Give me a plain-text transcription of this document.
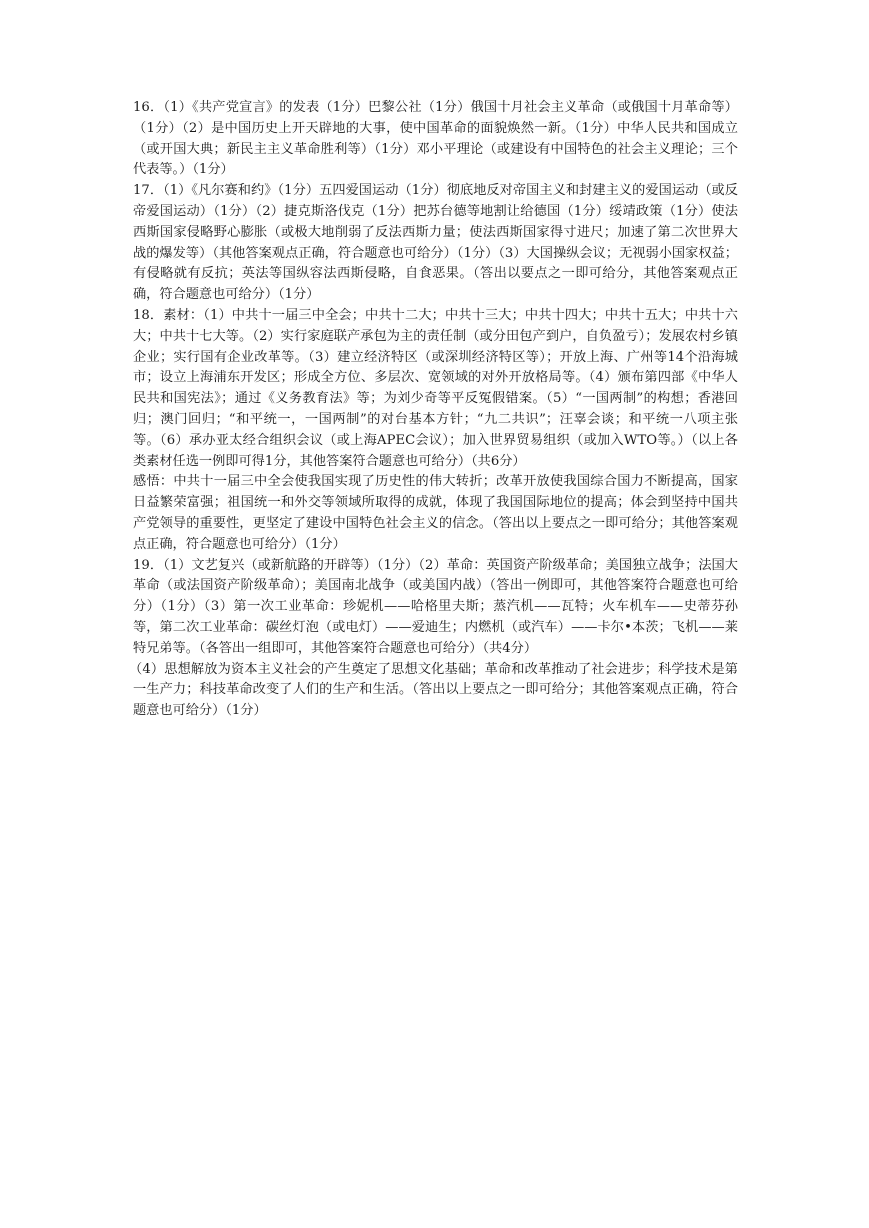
16．（1）《共产党宣言》的发表（1分）巴黎公社（1分）俄国十月社会主义革命（或俄国十月革命等）（1分）（2）是中国历史上开天辟地的大事，使中国革命的面貌焕然一新。（1分）中华人民共和国成立（或开国大典；新民主主义革命胜利等）（1分）邓小平理论（或建设有中国特色的社会主义理论；三个代表等。）（1分）

17．（1）《凡尔赛和约》（1分）五四爱国运动（1分）彻底地反对帝国主义和封建主义的爱国运动（或反帝爱国运动）（1分）（2）捷克斯洛伐克（1分）把苏台德等地割让给德国（1分）绥靖政策（1分）使法西斯国家侵略野心膨胀（或极大地削弱了反法西斯力量；使法西斯国家得寸进尺；加速了第二次世界大战的爆发等）（其他答案观点正确，符合题意也可给分）（1分）（3）大国操纵会议；无视弱小国家权益；有侵略就有反抗；英法等国纵容法西斯侵略，自食恶果。（答出以要点之一即可给分，其他答案观点正确，符合题意也可给分）（1分）

18．素材：（1）中共十一届三中全会；中共十二大；中共十三大；中共十四大；中共十五大；中共十六大；中共十七大等。（2）实行家庭联产承包为主的责任制（或分田包产到户，自负盈亏）；发展农村乡镇企业；实行国有企业改革等。（3）建立经济特区（或深圳经济特区等）；开放上海、广州等14个沿海城市；设立上海浦东开发区；形成全方位、多层次、宽领域的对外开放格局等。（4）颁布第四部《中华人民共和国宪法》；通过《义务教育法》等；为刘少奇等平反冤假错案。（5）“一国两制”的构想；香港回归；澳门回归；“和平统一，一国两制”的对台基本方针；“九二共识”；汪辜会谈；和平统一八项主张等。（6）承办亚太经合组织会议（或上海APEC会议）；加入世界贸易组织（或加入WTO等。）（以上各类素材任选一例即可得1分，其他答案符合题意也可给分）（共6分）

感悟：中共十一届三中全会使我国实现了历史性的伟大转折；改革开放使我国综合国力不断提高，国家日益繁荣富强；祖国统一和外交等领域所取得的成就，体现了我国国际地位的提高；体会到坚持中国共产党领导的重要性，更坚定了建设中国特色社会主义的信念。（答出以上要点之一即可给分；其他答案观点正确，符合题意也可给分）（1分）

19．（1）文艺复兴（或新航路的开辟等）（1分）（2）革命：英国资产阶级革命；美国独立战争；法国大革命（或法国资产阶级革命）；美国南北战争（或美国内战）（答出一例即可，其他答案符合题意也可给分）（1分）（3）第一次工业革命：珍妮机——哈格里夫斯；蒸汽机——瓦特；火车机车——史蒂芬孙等，第二次工业革命：碳丝灯泡（或电灯）——爱迪生；内燃机（或汽车）——卡尔•本茨；飞机——莱特兄弟等。（各答出一组即可，其他答案符合题意也可给分）（共4分）

（4）思想解放为资本主义社会的产生奠定了思想文化基础；革命和改革推动了社会进步；科学技术是第一生产力；科技革命改变了人们的生产和生活。（答出以上要点之一即可给分；其他答案观点正确，符合题意也可给分）（1分）
